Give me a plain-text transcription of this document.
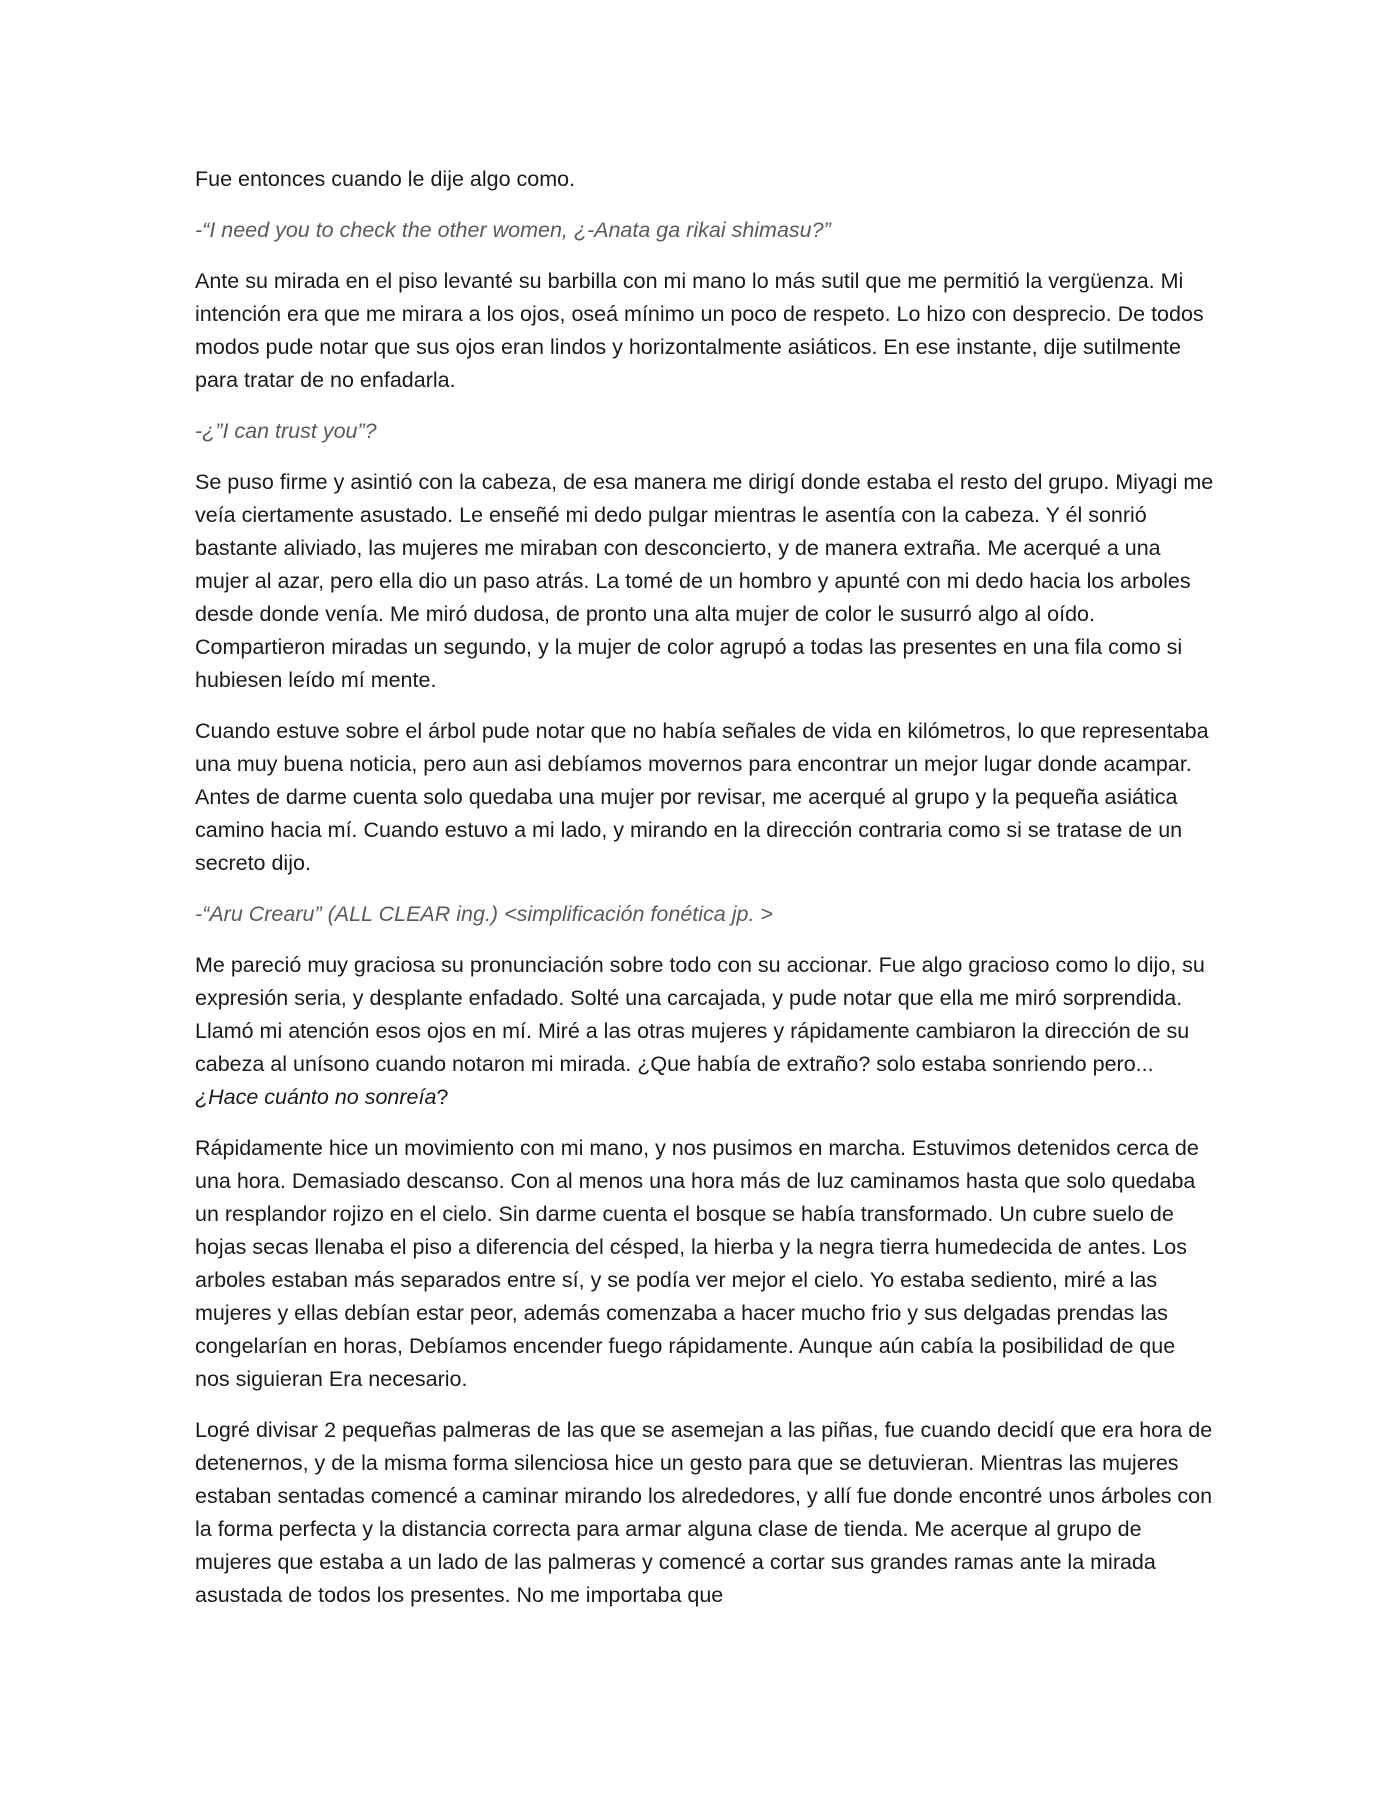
Fue entonces cuando le dije algo como.

-“I need you to check the other women, ¿-Anata ga rikai shimasu?”

Ante su mirada en el piso levanté su barbilla con mi mano lo más sutil que me permitió la vergüenza. Mi intención era que me mirara a los ojos, oseá mínimo un poco de respeto. Lo hizo con desprecio. De todos modos pude notar que sus ojos eran lindos y horizontalmente asiáticos. En ese instante, dije sutilmente para tratar de no enfadarla.

-¿”I can trust you”?

Se puso firme y asintió con la cabeza, de esa manera me dirigí donde estaba el resto del grupo. Miyagi me veía ciertamente asustado. Le enseñé mi dedo pulgar mientras le asentía con la cabeza. Y él sonrió bastante aliviado, las mujeres me miraban con desconcierto, y de manera extraña. Me acerqué a una mujer al azar, pero ella dio un paso atrás. La tomé de un hombro y apunté con mi dedo hacia los arboles desde donde venía. Me miró dudosa, de pronto una alta mujer de color le susurró algo al oído. Compartieron miradas un segundo, y la mujer de color agrupó a todas las presentes en una fila como si hubiesen leído mí mente.

Cuando estuve sobre el árbol pude notar que no había señales de vida en kilómetros, lo que representaba una muy buena noticia, pero aun asi debíamos movernos para encontrar un mejor lugar donde acampar. Antes de darme cuenta solo quedaba una mujer por revisar, me acerqué al grupo y la pequeña asiática camino hacia mí. Cuando estuvo a mi lado, y mirando en la dirección contraria como si se tratase de un secreto dijo.

-“Aru Crearu” (ALL CLEAR ing.) <simplificación fonética jp. >

Me pareció muy graciosa su pronunciación sobre todo con su accionar. Fue algo gracioso como lo dijo, su expresión seria, y desplante enfadado. Solté una carcajada, y pude notar que ella me miró sorprendida. Llamó mi atención esos ojos en mí. Miré a las otras mujeres y rápidamente cambiaron la dirección de su cabeza al unísono cuando notaron mi mirada. ¿Que había de extraño? solo estaba sonriendo pero... ¿Hace cuánto no sonreía?

Rápidamente hice un movimiento con mi mano, y nos pusimos en marcha. Estuvimos detenidos cerca de una hora. Demasiado descanso. Con al menos una hora más de luz caminamos hasta que solo quedaba un resplandor rojizo en el cielo. Sin darme cuenta el bosque se había transformado. Un cubre suelo de hojas secas llenaba el piso a diferencia del césped, la hierba y la negra tierra humedecida de antes. Los arboles estaban más separados entre sí, y se podía ver mejor el cielo. Yo estaba sediento, miré a las mujeres y ellas debían estar peor, además comenzaba a hacer mucho frio y sus delgadas prendas las congelarían en horas, Debíamos encender fuego rápidamente. Aunque aún cabía la posibilidad de que nos siguieran Era necesario.

Logré divisar 2 pequeñas palmeras de las que se asemejan a las piñas, fue cuando decidí que era hora de detenernos, y de la misma forma silenciosa hice un gesto para que se detuvieran. Mientras las mujeres estaban sentadas comencé a caminar mirando los alrededores, y allí fue donde encontré unos árboles con la forma perfecta y la distancia correcta para armar alguna clase de tienda. Me acerque al grupo de mujeres que estaba a un lado de las palmeras y comencé a cortar sus grandes ramas ante la mirada asustada de todos los presentes. No me importaba que
